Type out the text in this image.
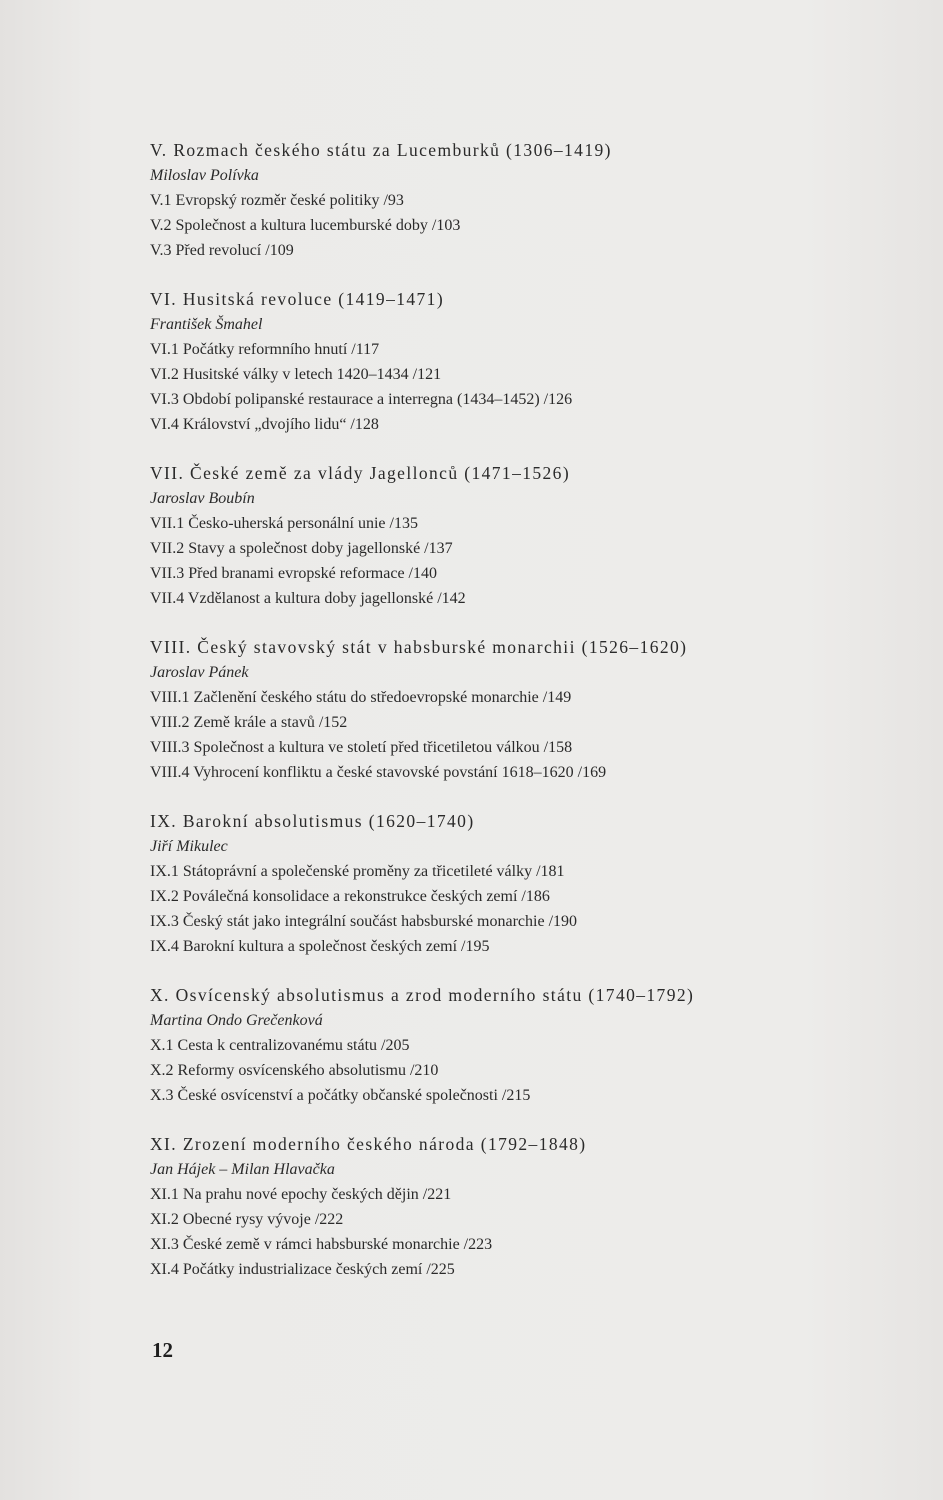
V. Rozmach českého státu za Lucemburků (1306–1419)
Miloslav Polívka
V.1 Evropský rozměr české politiky /93
V.2 Společnost a kultura lucemburské doby /103
V.3 Před revolucí /109
VI. Husitská revoluce (1419–1471)
František Šmahel
VI.1 Počátky reformního hnutí /117
VI.2 Husitské války v letech 1420–1434 /121
VI.3 Období polipanské restaurace a interregna (1434–1452) /126
VI.4 Království „dvojího lidu“ /128
VII. České země za vlády Jagellonců (1471–1526)
Jaroslav Boubín
VII.1 Česko-uherská personální unie /135
VII.2 Stavy a společnost doby jagellonské /137
VII.3 Před branami evropské reformace /140
VII.4 Vzdělanost a kultura doby jagellonské /142
VIII. Český stavovský stát v habsburské monarchii (1526–1620)
Jaroslav Pánek
VIII.1 Začlenění českého státu do středoevropské monarchie /149
VIII.2 Země krále a stavů /152
VIII.3 Společnost a kultura ve století před třicetiletou válkou /158
VIII.4 Vyhrocení konfliktu a české stavovské povstání 1618–1620 /169
IX. Barokní absolutismus (1620–1740)
Jiří Mikulec
IX.1 Státoprávní a společenské proměny za třicetileté války /181
IX.2 Poválečná konsolidace a rekonstrukce českých zemí /186
IX.3 Český stát jako integrální součást habsburské monarchie /190
IX.4 Barokní kultura a společnost českých zemí /195
X. Osvícenský absolutismus a zrod moderního státu (1740–1792)
Martina Ondo Grečenková
X.1 Cesta k centralizovanému státu /205
X.2 Reformy osvícenského absolutismu /210
X.3 České osvícenství a počátky občanské společnosti /215
XI. Zrození moderního českého národa (1792–1848)
Jan Hájek – Milan Hlavačka
XI.1 Na prahu nové epochy českých dějin /221
XI.2 Obecné rysy vývoje /222
XI.3 České země v rámci habsburské monarchie /223
XI.4 Počátky industrializace českých zemí /225
12
